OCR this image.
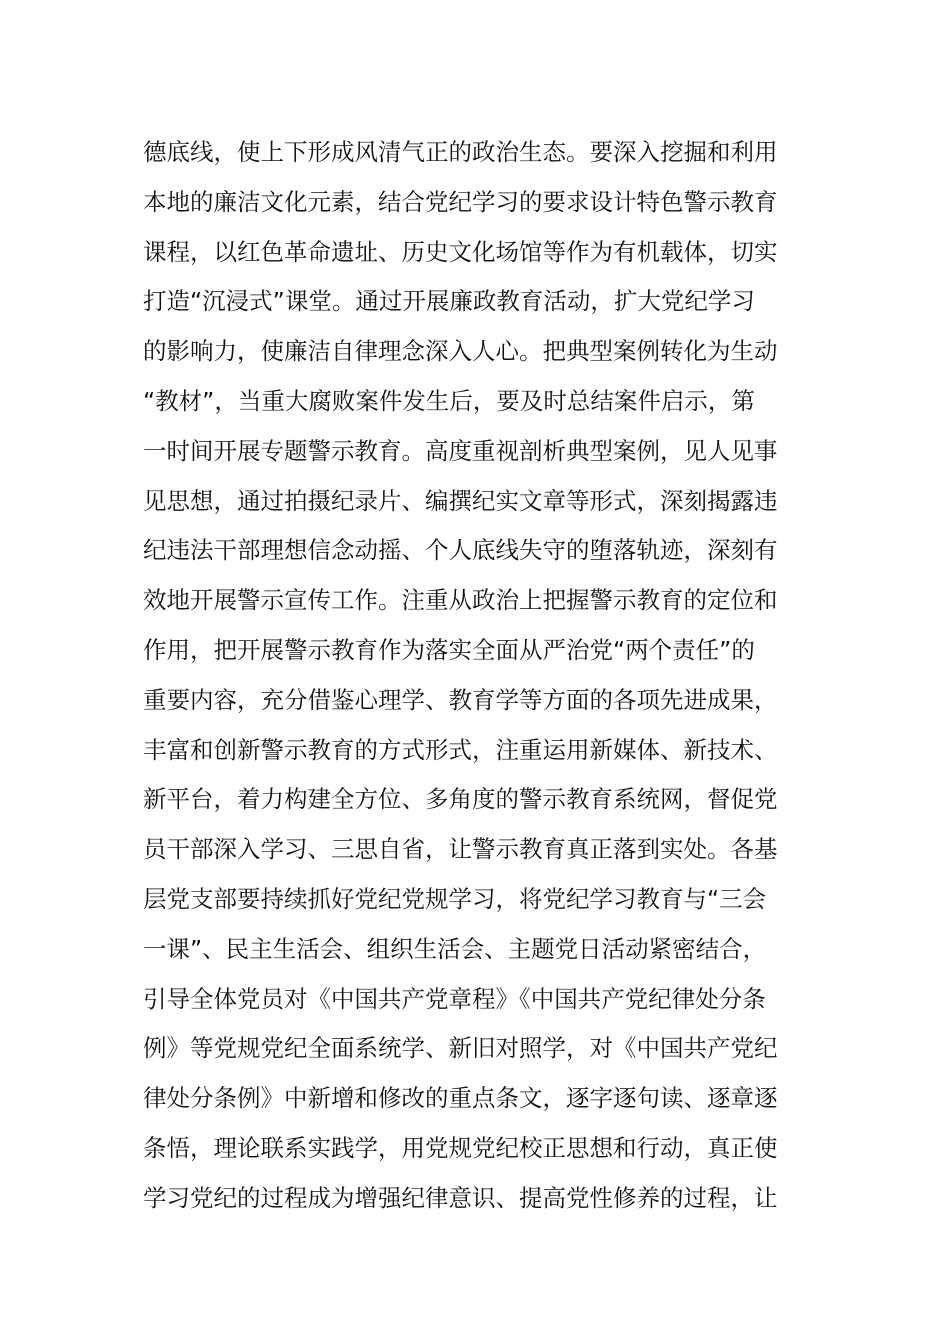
德底线，使上下形成风清气正的政治生态。要深入挖掘和利用
本地的廉洁文化元素，结合党纪学习的要求设计特色警示教育
课程，以红色革命遗址、历史文化场馆等作为有机载体，切实
打造“沉浸式”课堂。通过开展廉政教育活动，扩大党纪学习
的影响力，使廉洁自律理念深入人心。把典型案例转化为生动
“教材”，当重大腐败案件发生后，要及时总结案件启示，第
一时间开展专题警示教育。高度重视剖析典型案例，见人见事
见思想，通过拍摄纪录片、编撰纪实文章等形式，深刻揭露违
纪违法干部理想信念动摇、个人底线失守的堕落轨迹，深刻有
效地开展警示宣传工作。注重从政治上把握警示教育的定位和
作用，把开展警示教育作为落实全面从严治党“两个责任”的
重要内容，充分借鉴心理学、教育学等方面的各项先进成果，
丰富和创新警示教育的方式形式，注重运用新媒体、新技术、
新平台，着力构建全方位、多角度的警示教育系统网，督促党
员干部深入学习、三思自省，让警示教育真正落到实处。各基
层党支部要持续抓好党纪党规学习，将党纪学习教育与“三会
一课”、民主生活会、组织生活会、主题党日活动紧密结合，
引导全体党员对《中国共产党章程》《中国共产党纪律处分条
例》等党规党纪全面系统学、新旧对照学，对《中国共产党纪
律处分条例》中新增和修改的重点条文，逐字逐句读、逐章逐
条悟，理论联系实践学，用党规党纪校正思想和行动，真正使
学习党纪的过程成为增强纪律意识、提高党性修养的过程，让
